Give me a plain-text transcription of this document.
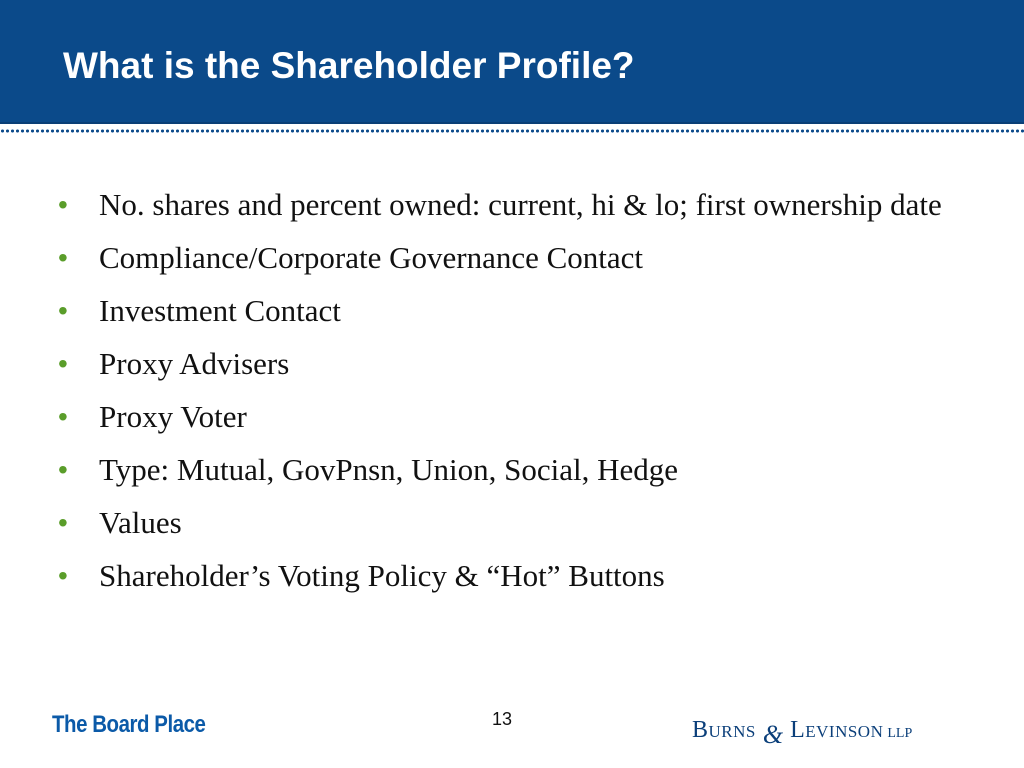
What is the Shareholder Profile?
•	No. shares and percent owned: current, hi & lo; first ownership date
•	Compliance/Corporate Governance Contact
•	Investment Contact
•	Proxy Advisers
•	Proxy Voter
•	Type: Mutual, GovPnsn, Union, Social, Hedge
•	Values
•	Shareholder’s Voting Policy & “Hot” Buttons
The Board Place	13	Burns & Levinson LLP
